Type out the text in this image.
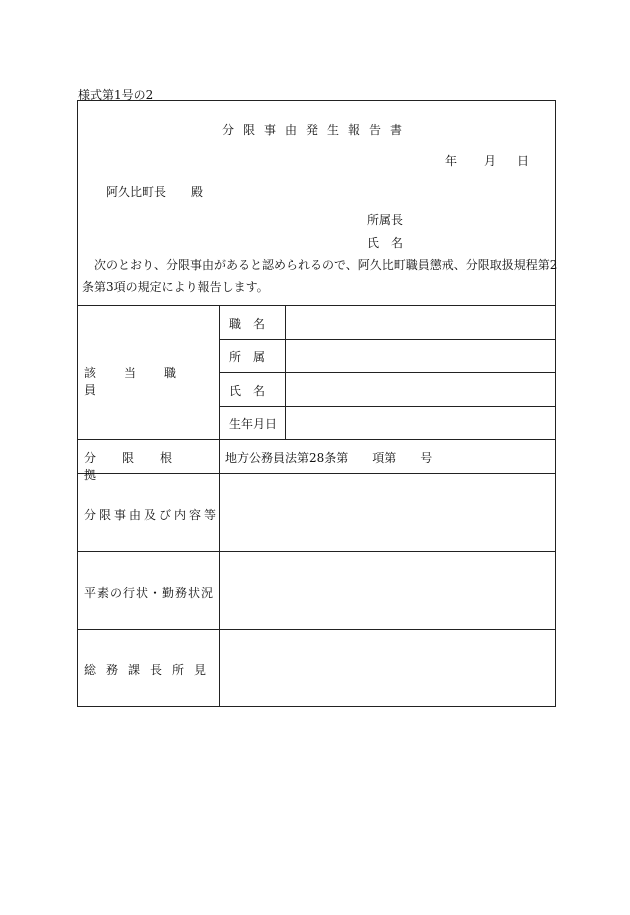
様式第1号の2
分限事由発生報告書
年 月 日
阿久比町長 殿
所属長
氏　名
次のとおり、分限事由があると認められるので、阿久比町職員懲戒、分限取扱規程第2
条第3項の規定により報告します。
該当職員
職　名
所　属
氏　名
生年月日
分限根拠
地方公務員法第28条第　　項第　　号
分限事由及び内容等
平素の行状・勤務状況
総務課長所見
